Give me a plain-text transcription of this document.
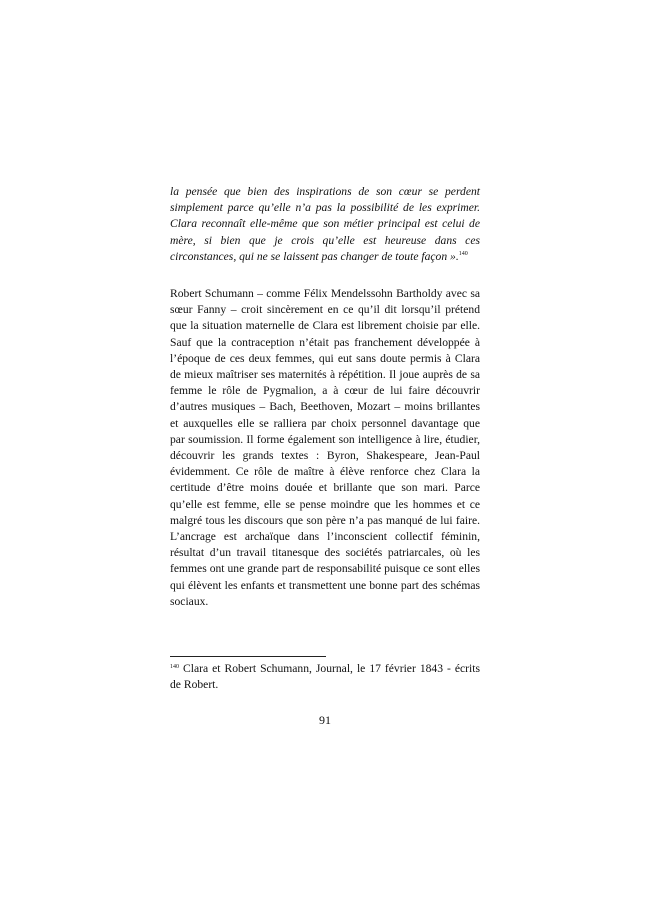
la pensée que bien des inspirations de son cœur se perdent simplement parce qu’elle n’a pas la possibilité de les exprimer. Clara reconnaît elle-même que son métier principal est celui de mère, si bien que je crois qu’elle est heureuse dans ces circonstances, qui ne se laissent pas changer de toute façon ».$^{140}$
Robert Schumann – comme Félix Mendelssohn Bartholdy avec sa sœur Fanny – croit sincèrement en ce qu’il dit lorsqu’il prétend que la situation maternelle de Clara est librement choisie par elle. Sauf que la contraception n’était pas franchement développée à l’époque de ces deux femmes, qui eut sans doute permis à Clara de mieux maîtriser ses maternités à répétition. Il joue auprès de sa femme le rôle de Pygmalion, a à cœur de lui faire découvrir d’autres musiques – Bach, Beethoven, Mozart – moins brillantes et auxquelles elle se ralliera par choix personnel davantage que par soumission. Il forme également son intelligence à lire, étudier, découvrir les grands textes : Byron, Shakespeare, Jean-Paul évidemment. Ce rôle de maître à élève renforce chez Clara la certitude d’être moins douée et brillante que son mari. Parce qu’elle est femme, elle se pense moindre que les hommes et ce malgré tous les discours que son père n’a pas manqué de lui faire. L’ancrage est archaïque dans l’inconscient collectif féminin, résultat d’un travail titanesque des sociétés patriarcales, où les femmes ont une grande part de responsabilité puisque ce sont elles qui élèvent les enfants et transmettent une bonne part des schémas sociaux.
$^{140}$ Clara et Robert Schumann, Journal, le 17 février 1843 - écrits de Robert.
91
